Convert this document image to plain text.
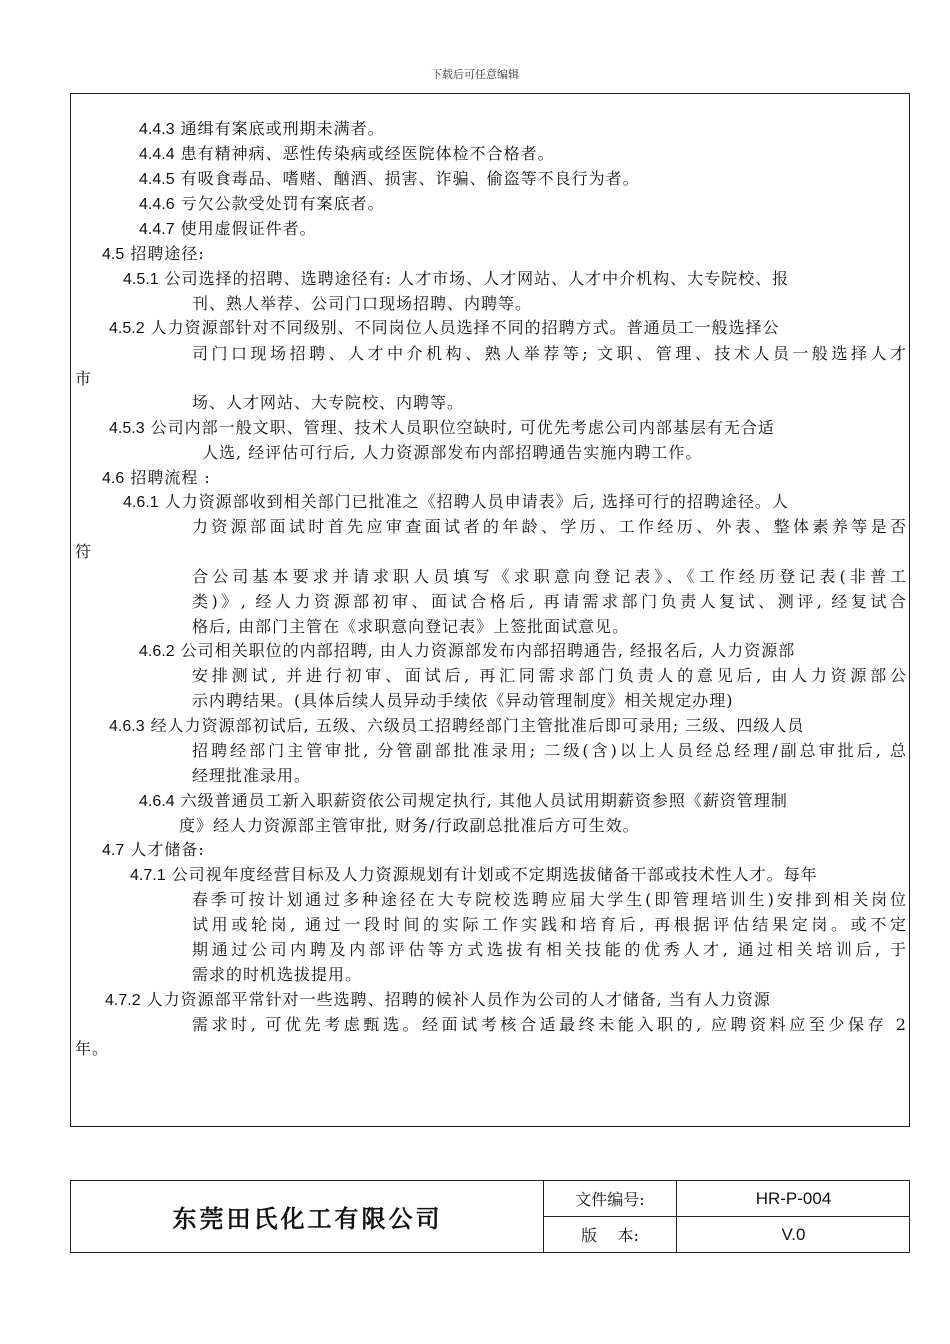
下载后可任意编辑
4.4.3 通缉有案底或刑期未满者。
4.4.4 患有精神病、恶性传染病或经医院体检不合格者。
4.4.5 有吸食毒品、嗜赌、酗酒、损害、诈骗、偷盗等不良行为者。
4.4.6 亏欠公款受处罚有案底者。
4.4.7 使用虚假证件者。
4.5 招聘途径:
4.5.1 公司选择的招聘、选聘途径有: 人才市场、人才网站、人才中介机构、大专院校、报
刊、熟人举荐、公司门口现场招聘、内聘等。
4.5.2 人力资源部针对不同级别、不同岗位人员选择不同的招聘方式。普通员工一般选择公
司门口现场招聘、人才中介机构、熟人举荐等; 文职、管理、技术人员一般选择人才
市
场、人才网站、大专院校、内聘等。
4.5.3 公司内部一般文职、管理、技术人员职位空缺时, 可优先考虑公司内部基层有无合适
人选, 经评估可行后, 人力资源部发布内部招聘通告实施内聘工作。
4.6 招聘流程 :
4.6.1 人力资源部收到相关部门已批准之《招聘人员申请表》后, 选择可行的招聘途径。人
力资源部面试时首先应审查面试者的年龄、学历、工作经历、外表、整体素养等是否
符
合公司基本要求并请求职人员填写《求职意向登记表》、《工作经历登记表(非普工
类)》, 经人力资源部初审、面试合格后, 再请需求部门负责人复试、测评, 经复试合
格后, 由部门主管在《求职意向登记表》上签批面试意见。
4.6.2 公司相关职位的内部招聘, 由人力资源部发布内部招聘通告, 经报名后, 人力资源部
安排测试, 并进行初审、面试后, 再汇同需求部门负责人的意见后, 由人力资源部公
示内聘结果。(具体后续人员异动手续依《异动管理制度》相关规定办理)
4.6.3 经人力资源部初试后, 五级、六级员工招聘经部门主管批准后即可录用; 三级、四级人员
招聘经部门主管审批, 分管副部批准录用; 二级(含)以上人员经总经理/副总审批后, 总
经理批准录用。
4.6.4 六级普通员工新入职薪资依公司规定执行, 其他人员试用期薪资参照《薪资管理制
度》经人力资源部主管审批, 财务/行政副总批准后方可生效。
4.7 人才储备:
4.7.1 公司视年度经营目标及人力资源规划有计划或不定期选拔储备干部或技术性人才。每年
春季可按计划通过多种途径在大专院校选聘应届大学生(即管理培训生)安排到相关岗位
试用或轮岗, 通过一段时间的实际工作实践和培育后, 再根据评估结果定岗。或不定
期通过公司内聘及内部评估等方式选拔有相关技能的优秀人才, 通过相关培训后, 于
需求的时机选拔提用。
4.7.2 人力资源部平常针对一些选聘、招聘的候补人员作为公司的人才储备, 当有人力资源
需求时, 可优先考虑甄选。经面试考核合适最终未能入职的, 应聘资料应至少保存 2
年。
东莞田氏化工有限公司
文件编号:	HR-P-004
版    本:	V.0
